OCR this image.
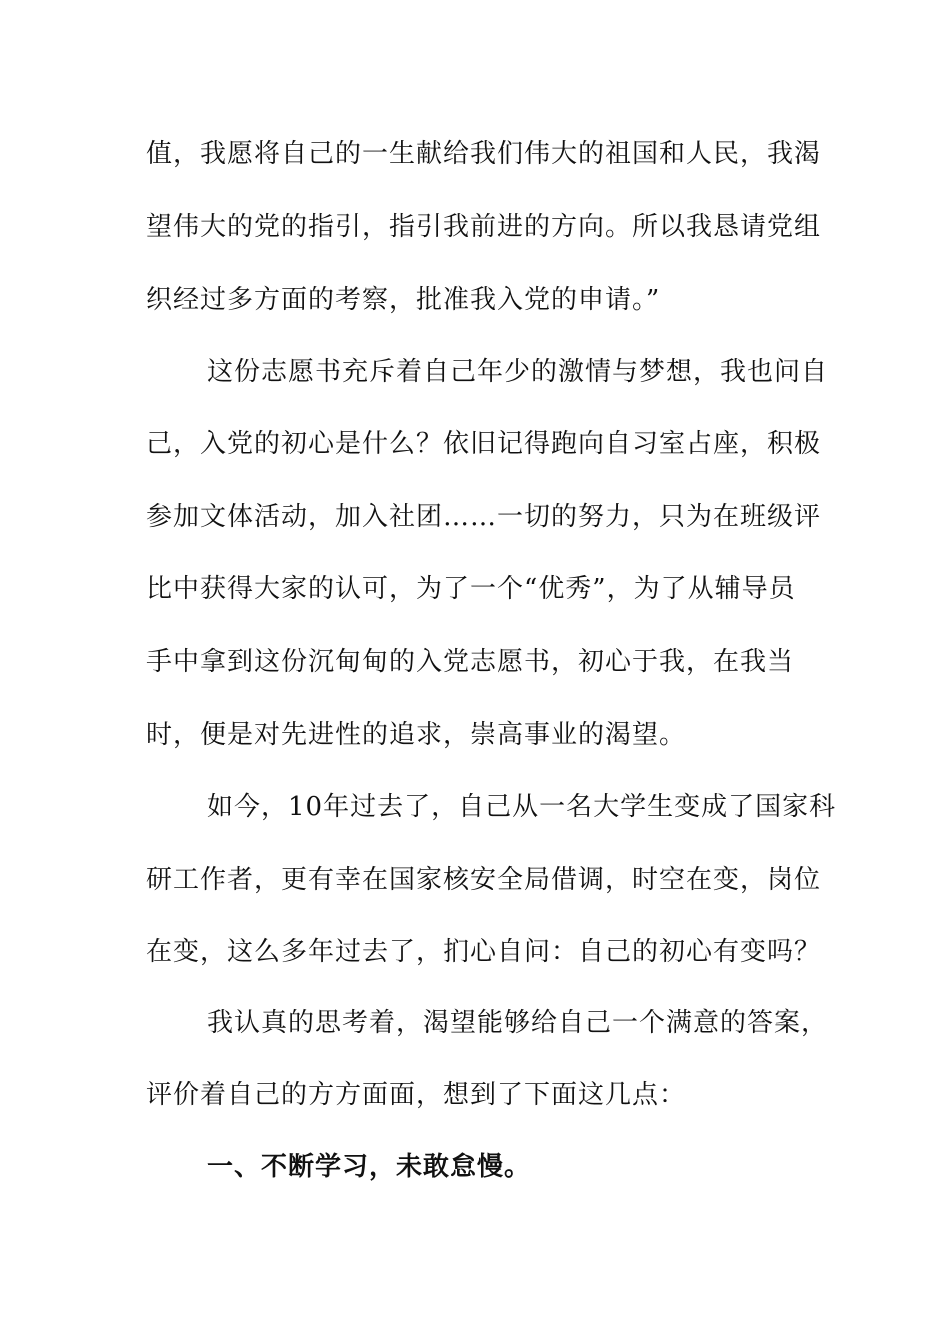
值，我愿将自己的一生献给我们伟大的祖国和人民，我渴
望伟大的党的指引，指引我前进的方向。所以我恳请党组
织经过多方面的考察，批准我入党的申请。”
这份志愿书充斥着自己年少的激情与梦想，我也问自
己，入党的初心是什么？依旧记得跑向自习室占座，积极
参加文体活动，加入社团……一切的努力，只为在班级评
比中获得大家的认可，为了一个“优秀”，为了从辅导员
手中拿到这份沉甸甸的入党志愿书，初心于我，在我当
时，便是对先进性的追求，崇高事业的渴望。
如今，10年过去了，自己从一名大学生变成了国家科
研工作者，更有幸在国家核安全局借调，时空在变，岗位
在变，这么多年过去了，扪心自问：自己的初心有变吗？
我认真的思考着，渴望能够给自己一个满意的答案，
评价着自己的方方面面，想到了下面这几点：
一、不断学习，未敢怠慢。
